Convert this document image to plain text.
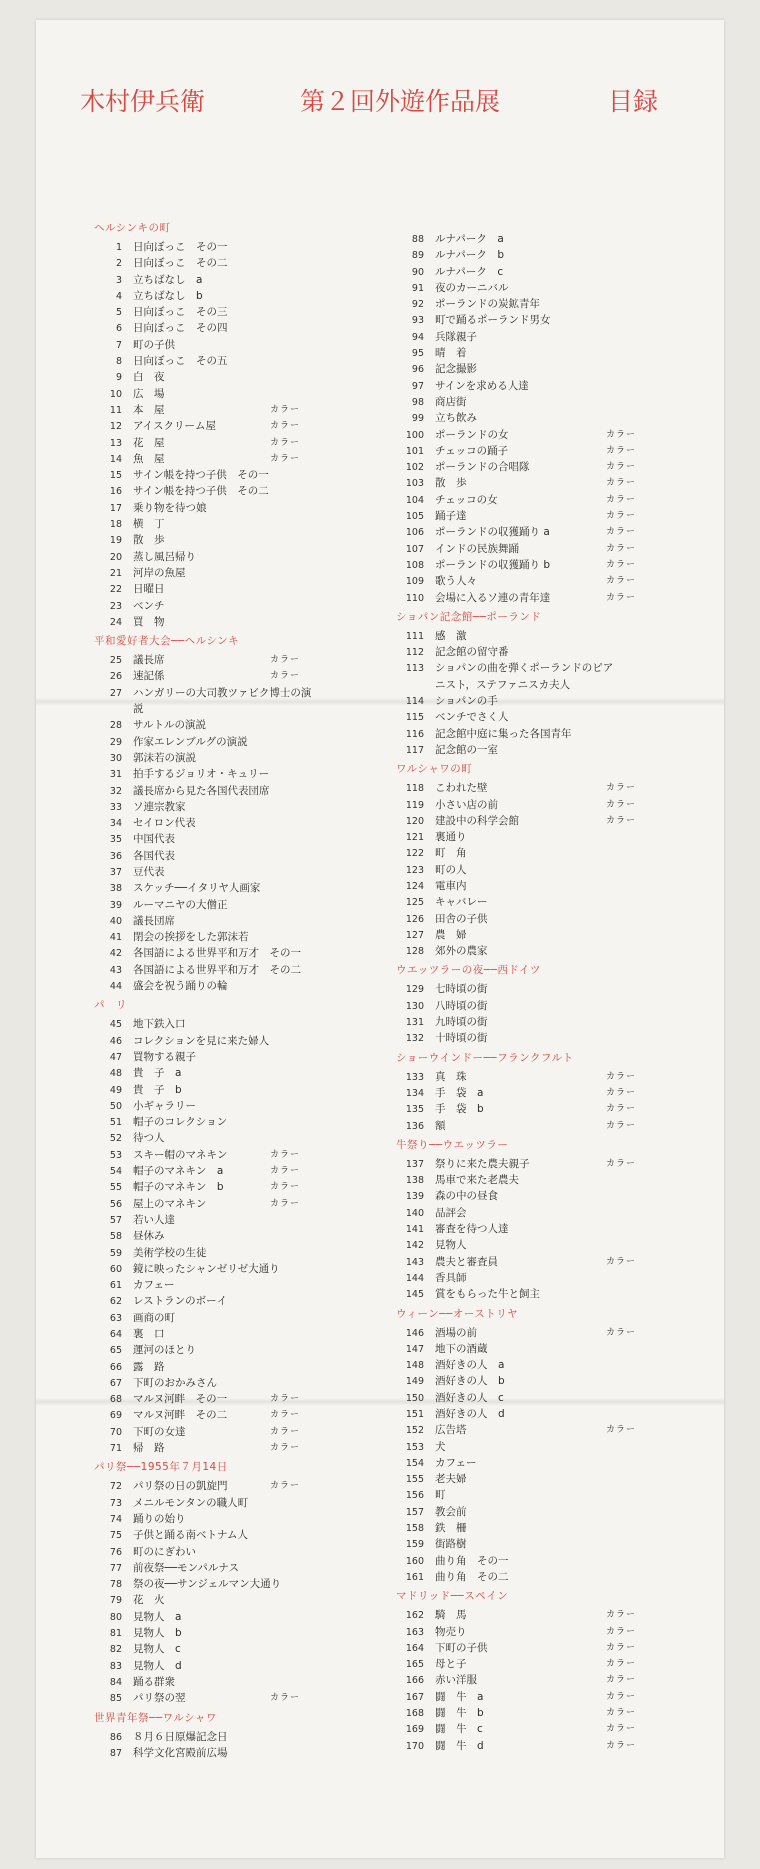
木村伊兵衛	第２回外遊作品展	目録
ヘルシンキの町
1 日向ぼっこ　その一
2 日向ぼっこ　その二
3 立ちばなし　a
4 立ちばなし　b
5 日向ぼっこ　その三
6 日向ぼっこ　その四
7 町の子供
8 日向ぼっこ　その五
9 白　夜
10 広　場
11 本　屋	カラー
12 アイスクリーム屋	カラー
13 花　屋	カラー
14 魚　屋	カラー
15 サイン帳を持つ子供　その一
16 サイン帳を持つ子供　その二
17 乗り物を待つ娘
18 横　丁
19 散　歩
20 蒸し風呂帰り
21 河岸の魚屋
22 日曜日
23 ベンチ
24 買　物
平和愛好者大会──ヘルシンキ
25 議長席	カラー
26 速記係	カラー
27 ハンガリーの大司教ツァビク博士の演
説
28 サルトルの演説
29 作家エレンブルグの演説
30 郭沫若の演説
31 拍手するジョリオ・キュリー
32 議長席から見た各国代表団席
33 ソ連宗教家
34 セイロン代表
35 中国代表
36 各国代表
37 豆代表
38 スケッチ──イタリヤ人画家
39 ルーマニヤの大僧正
40 議長団席
41 閉会の挨拶をした郭沫若
42 各国語による世界平和万才　その一
43 各国語による世界平和万才　その二
44 盛会を祝う踊りの輪
パ　リ
45 地下鉄入口
46 コレクションを見に来た婦人
47 買物する親子
48 貴　子　a
49 貴　子　b
50 小ギャラリー
51 帽子のコレクション
52 待つ人
53 スキー帽のマネキン	カラー
54 帽子のマネキン　a	カラー
55 帽子のマネキン　b	カラー
56 屋上のマネキン	カラー
57 若い人達
58 昼休み
59 美術学校の生徒
60 鏡に映ったシャンゼリゼ大通り
61 カフェー
62 レストランのボーイ
63 画商の町
64 裏　口
65 運河のほとり
66 露　路
67 下町のおかみさん
68 マルヌ河畔　その一	カラー
69 マルヌ河畔　その二	カラー
70 下町の女達	カラー
71 帰　路	カラー
パリ祭──1955年７月14日
72 パリ祭の日の凱旋門	カラー
73 メニルモンタンの職人町
74 踊りの始り
75 子供と踊る南ベトナム人
76 町のにぎわい
77 前夜祭──モンパルナス
78 祭の夜──サンジェルマン大通り
79 花　火
80 見物人　a
81 見物人　b
82 見物人　c
83 見物人　d
84 踊る群衆
85 パリ祭の翌	カラー
世界青年祭──ワルシャワ
86 ８月６日原爆記念日
87 科学文化宮殿前広場
88 ルナパーク　a
89 ルナパーク　b
90 ルナパーク　c
91 夜のカーニバル
92 ポーランドの炭鉱青年
93 町で踊るポーランド男女
94 兵隊親子
95 晴　着
96 記念撮影
97 サインを求める人達
98 商店街
99 立ち飲み
100 ポーランドの女	カラー
101 チェッコの踊子	カラー
102 ポーランドの合唱隊	カラー
103 散　歩	カラー
104 チェッコの女	カラー
105 踊子達	カラー
106 ポーランドの収獲踊り a	カラー
107 インドの民族舞踊	カラー
108 ポーランドの収獲踊り b	カラー
109 歌う人々	カラー
110 会場に入るソ連の青年達	カラー
ショパン記念館──ポーランド
111 感　激
112 記念館の留守番
113 ショパンの曲を弾くポーランドのピア
ニスト，ステファニスカ夫人
114 ショパンの手
115 ベンチでさく人
116 記念館中庭に集った各国青年
117 記念館の一室
ワルシャワの町
118 こわれた壁	カラー
119 小さい店の前	カラー
120 建設中の科学会館	カラー
121 裏通り
122 町　角
123 町の人
124 電車内
125 キャバレー
126 田舎の子供
127 農　婦
128 郊外の農家
ウエッツラーの夜──西ドイツ
129 七時頃の街
130 八時頃の街
131 九時頃の街
132 十時頃の街
ショーウインドー──フランクフルト
133 真　珠	カラー
134 手　袋　a	カラー
135 手　袋　b	カラー
136 額	カラー
牛祭り──ウエッツラー
137 祭りに来た農夫親子	カラー
138 馬車で来た老農夫
139 森の中の昼食
140 品評会
141 審査を待つ人達
142 見物人
143 農夫と審査員	カラー
144 香具師
145 賞をもらった牛と飼主
ウィーン──オーストリヤ
146 酒場の前	カラー
147 地下の酒蔵
148 酒好きの人　a
149 酒好きの人　b
150 酒好きの人　c
151 酒好きの人　d
152 広告塔	カラー
153 犬
154 カフェー
155 老夫婦
156 町
157 教会前
158 鉄　柵
159 街路樹
160 曲り角　その一
161 曲り角　その二
マドリッド──スペイン
162 騎　馬	カラー
163 物売り	カラー
164 下町の子供	カラー
165 母と子	カラー
166 赤い洋服	カラー
167 闘　牛　a	カラー
168 闘　牛　b	カラー
169 闘　牛　c	カラー
170 闘　牛　d	カラー
